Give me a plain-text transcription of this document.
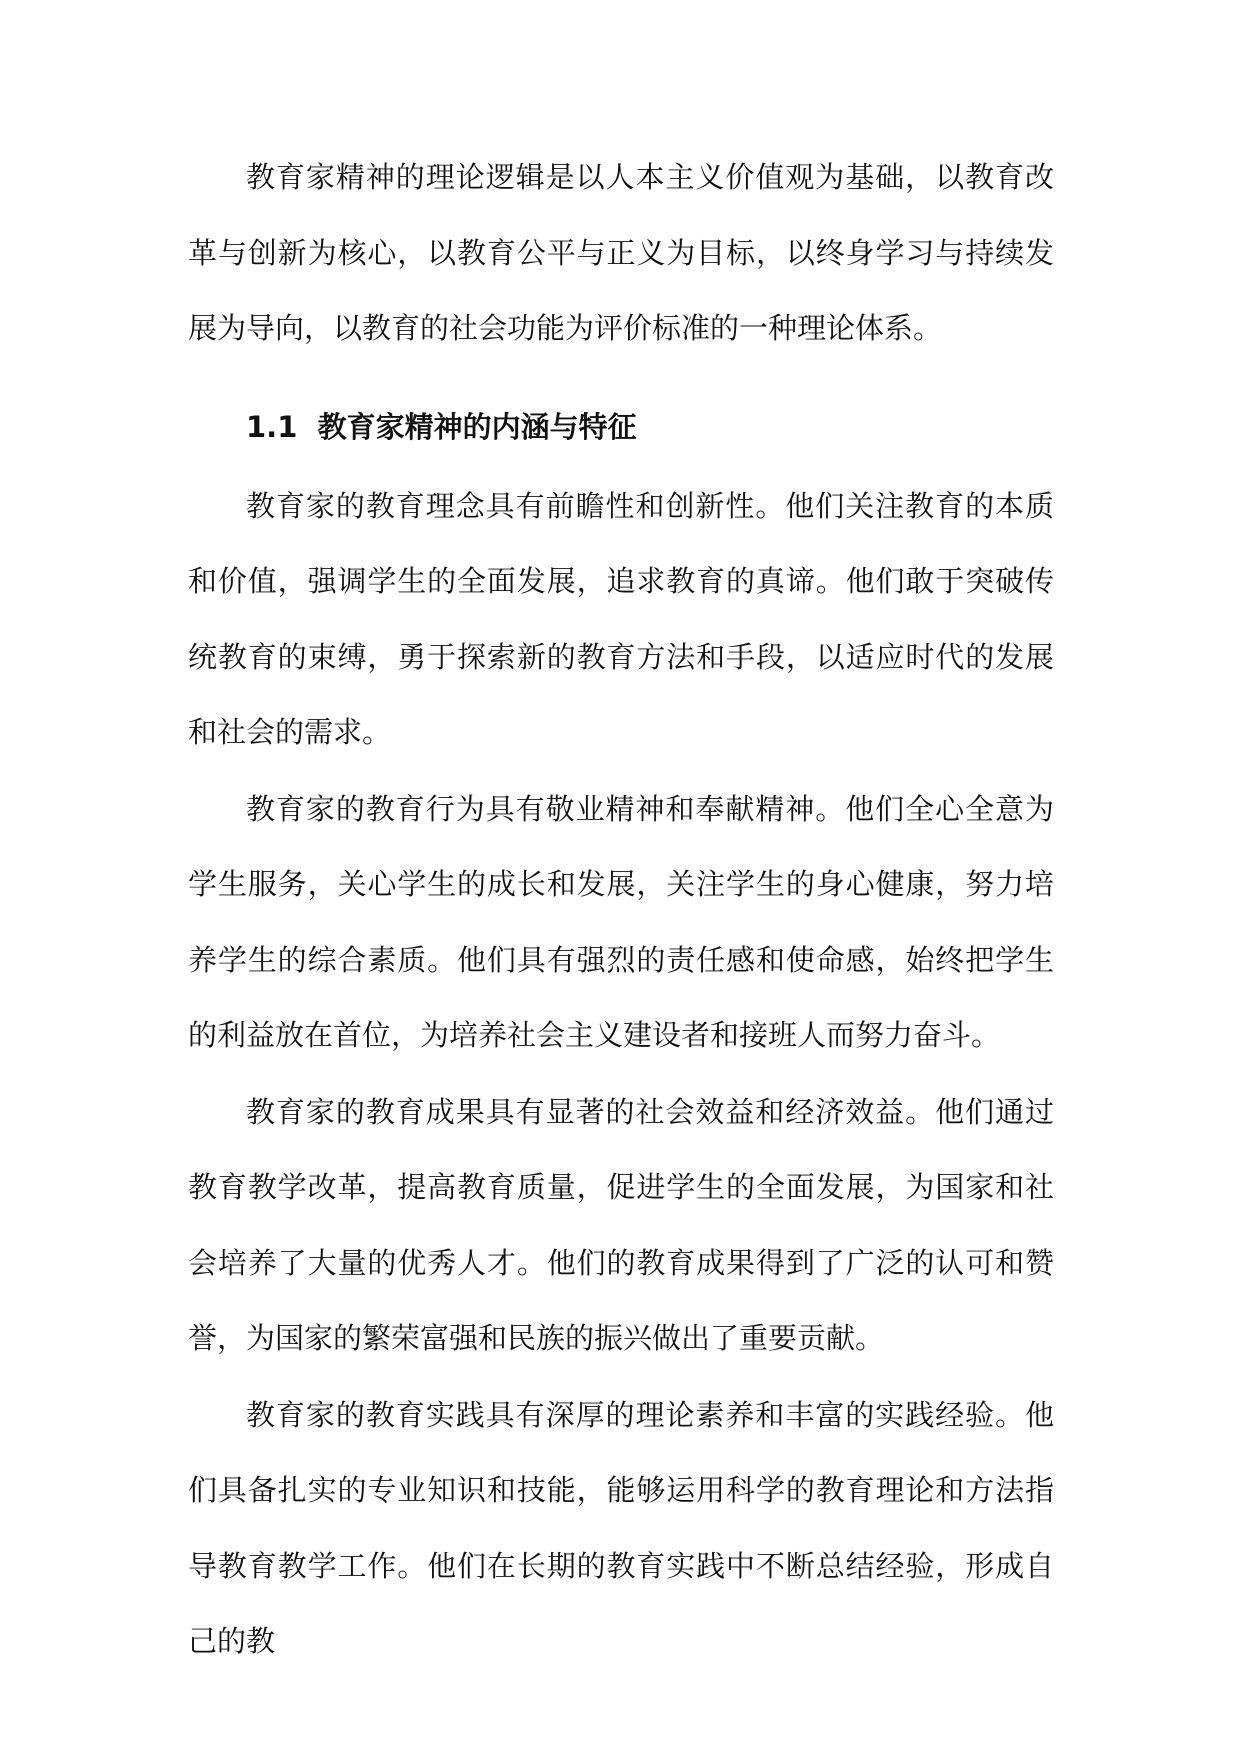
教育家精神的理论逻辑是以人本主义价值观为基础，以教育改革与创新为核心，以教育公平与正义为目标，以终身学习与持续发展为导向，以教育的社会功能为评价标准的一种理论体系。

1.1 教育家精神的内涵与特征

教育家的教育理念具有前瞻性和创新性。他们关注教育的本质和价值，强调学生的全面发展，追求教育的真谛。他们敢于突破传统教育的束缚，勇于探索新的教育方法和手段，以适应时代的发展和社会的需求。

教育家的教育行为具有敬业精神和奉献精神。他们全心全意为学生服务，关心学生的成长和发展，关注学生的身心健康，努力培养学生的综合素质。他们具有强烈的责任感和使命感，始终把学生的利益放在首位，为培养社会主义建设者和接班人而努力奋斗。

教育家的教育成果具有显著的社会效益和经济效益。他们通过教育教学改革，提高教育质量，促进学生的全面发展，为国家和社会培养了大量的优秀人才。他们的教育成果得到了广泛的认可和赞誉，为国家的繁荣富强和民族的振兴做出了重要贡献。

教育家的教育实践具有深厚的理论素养和丰富的实践经验。他们具备扎实的专业知识和技能，能够运用科学的教育理论和方法指导教育教学工作。他们在长期的教育实践中不断总结经验，形成自己的教
